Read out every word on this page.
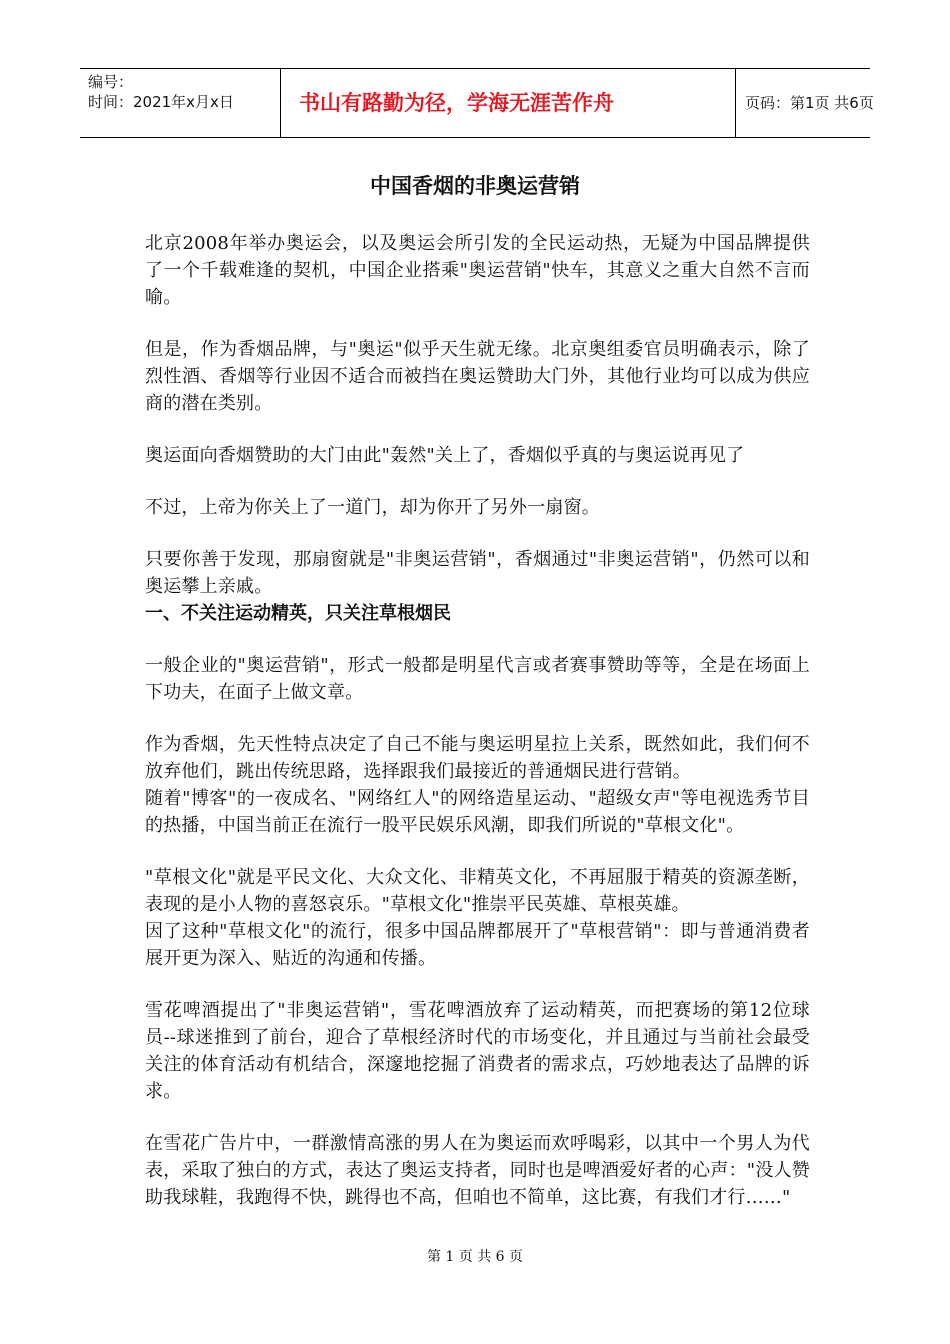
编号：
时间：2021年x月x日	书山有路勤为径，学海无涯苦作舟	页码：第1页 共6页
中国香烟的非奥运营销

北京2008年举办奥运会，以及奥运会所引发的全民运动热，无疑为中国品牌提供了一个千载难逢的契机，中国企业搭乘"奥运营销"快车，其意义之重大自然不言而喻。

但是，作为香烟品牌，与"奥运"似乎天生就无缘。北京奥组委官员明确表示，除了烈性酒、香烟等行业因不适合而被挡在奥运赞助大门外，其他行业均可以成为供应商的潜在类别。

奥运面向香烟赞助的大门由此"轰然"关上了，香烟似乎真的与奥运说再见了

不过，上帝为你关上了一道门，却为你开了另外一扇窗。

只要你善于发现，那扇窗就是"非奥运营销"，香烟通过"非奥运营销"，仍然可以和奥运攀上亲戚。

一、不关注运动精英，只关注草根烟民

一般企业的"奥运营销"，形式一般都是明星代言或者赛事赞助等等，全是在场面上下功夫，在面子上做文章。

作为香烟，先天性特点决定了自己不能与奥运明星拉上关系，既然如此，我们何不放弃他们，跳出传统思路，选择跟我们最接近的普通烟民进行营销。

随着"博客"的一夜成名、"网络红人"的网络造星运动、"超级女声"等电视选秀节目的热播，中国当前正在流行一股平民娱乐风潮，即我们所说的"草根文化"。

"草根文化"就是平民文化、大众文化、非精英文化，不再屈服于精英的资源垄断，表现的是小人物的喜怒哀乐。"草根文化"推崇平民英雄、草根英雄。

因了这种"草根文化"的流行，很多中国品牌都展开了"草根营销"：即与普通消费者展开更为深入、贴近的沟通和传播。

雪花啤酒提出了"非奥运营销"，雪花啤酒放弃了运动精英，而把赛场的第12位球员--球迷推到了前台，迎合了草根经济时代的市场变化，并且通过与当前社会最受关注的体育活动有机结合，深邃地挖掘了消费者的需求点，巧妙地表达了品牌的诉求。

在雪花广告片中，一群激情高涨的男人在为奥运而欢呼喝彩，以其中一个男人为代表，采取了独白的方式，表达了奥运支持者，同时也是啤酒爱好者的心声："没人赞助我球鞋，我跑得不快，跳得也不高，但咱也不简单，这比赛，有我们才行……"

第 1 页 共 6 页
